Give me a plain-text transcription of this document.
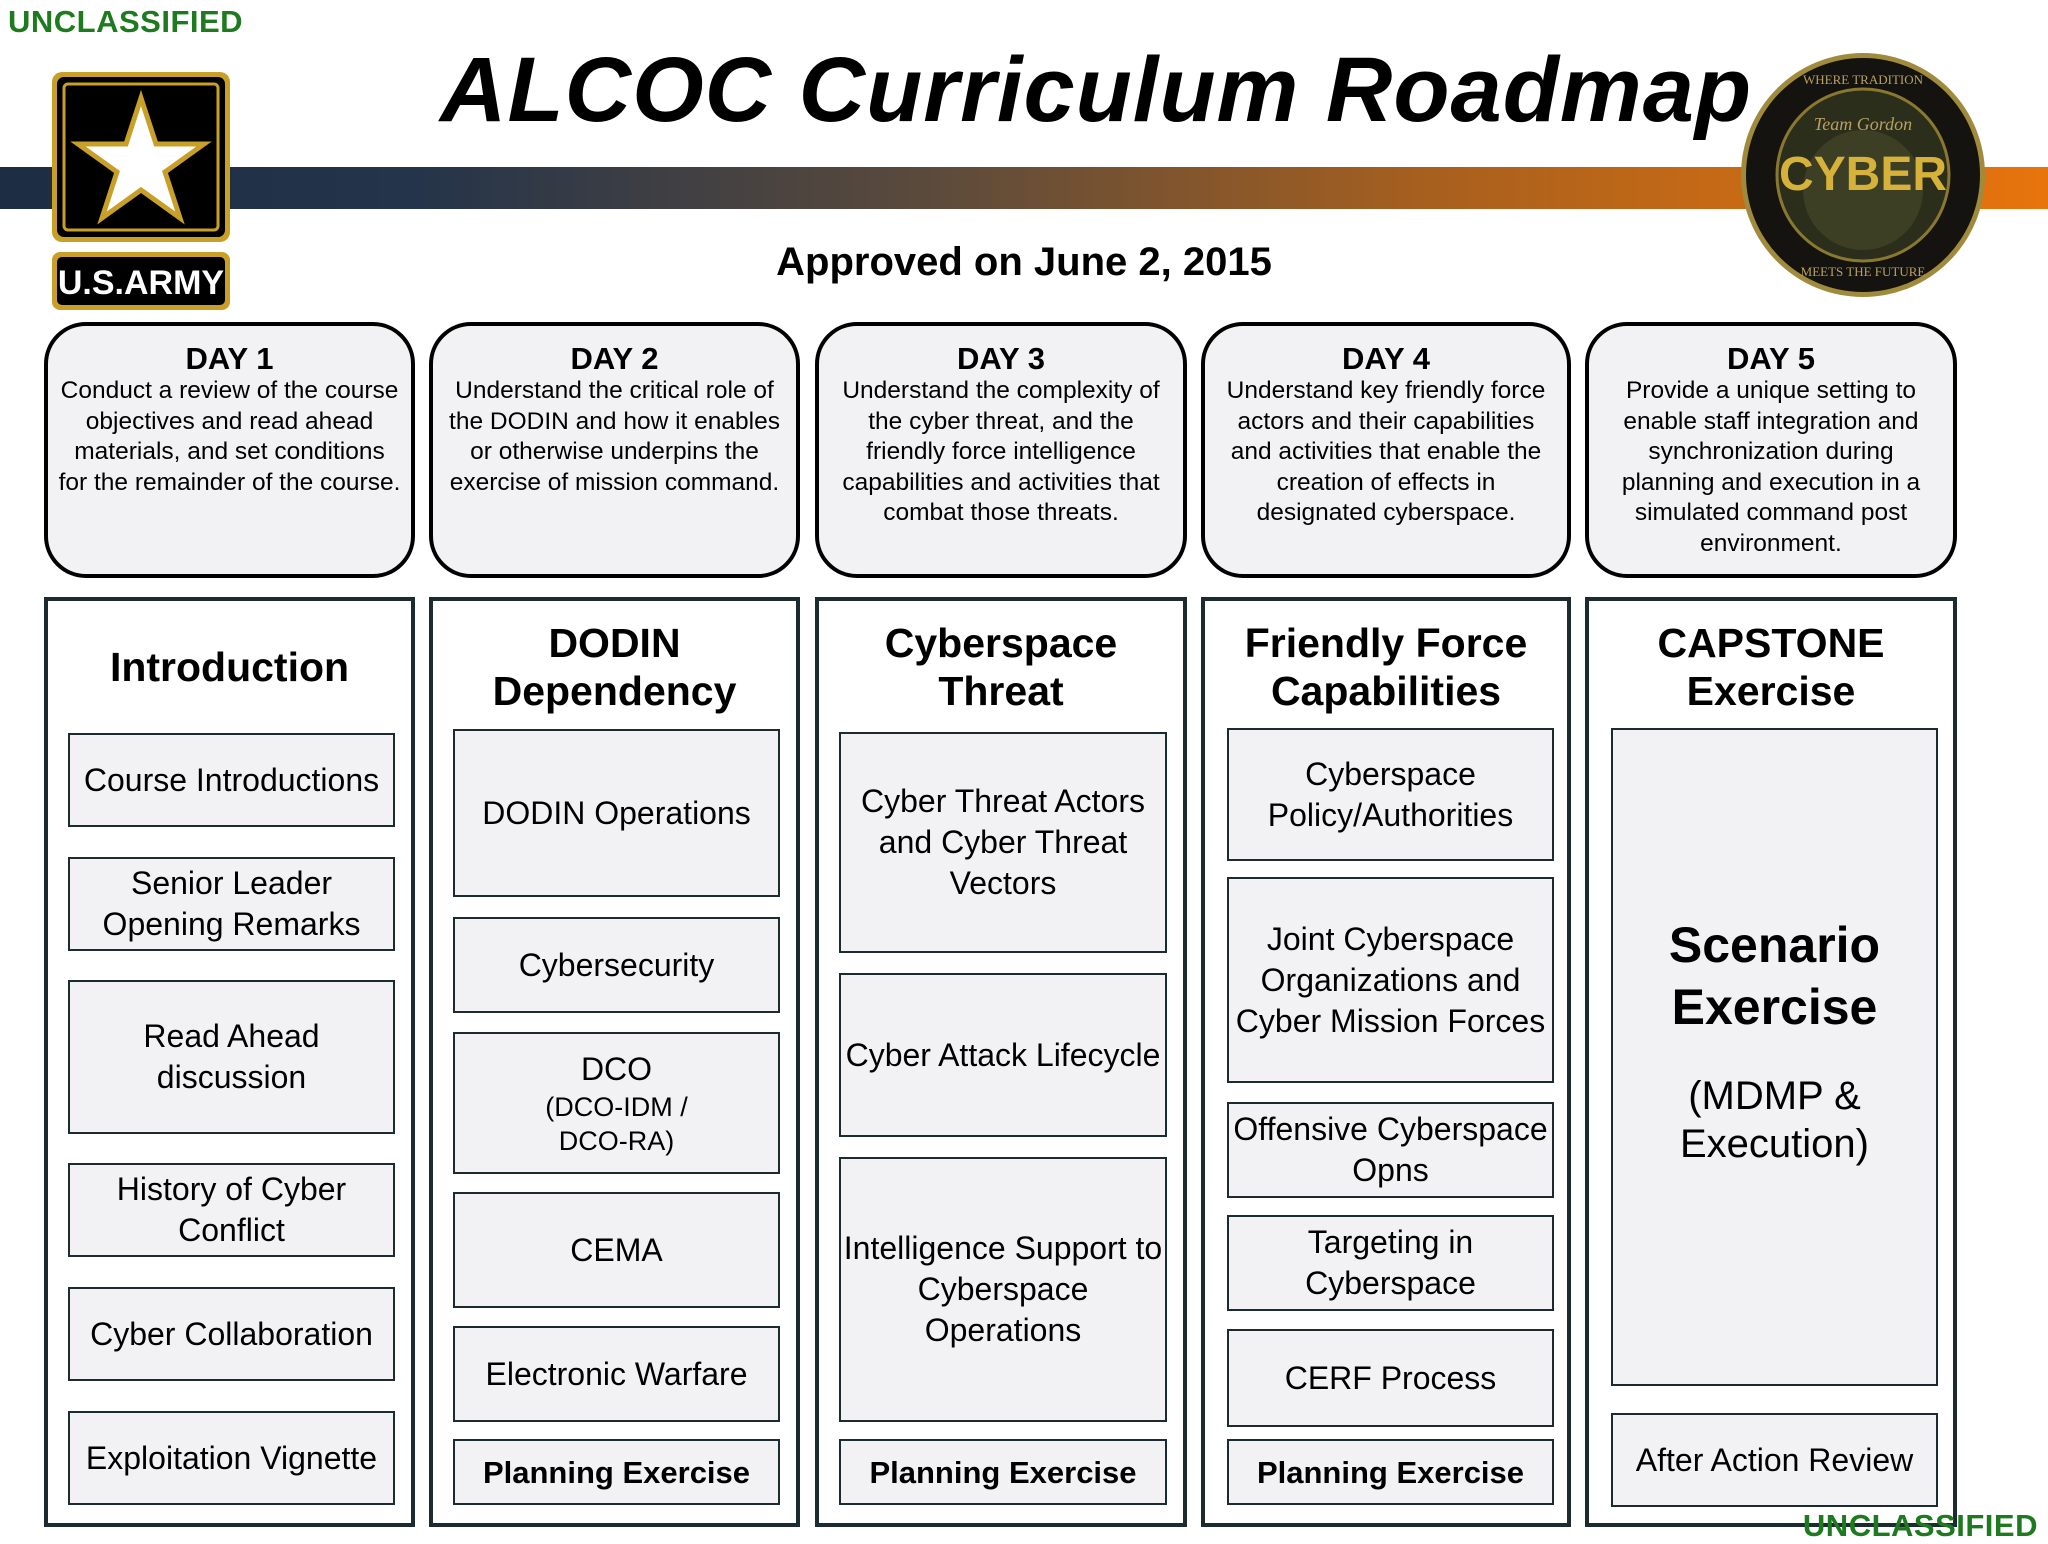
UNCLASSIFIED
ALCOC Curriculum Roadmap
U.S.ARMY
Team Gordon
CYBER
WHERE TRADITION
MEETS THE FUTURE
Approved on June 2, 2015
DAY 1
Conduct a review of the course objectives and read ahead materials, and set conditions for the remainder of the course.
DAY 2
Understand the critical role of the DODIN and how it enables or otherwise underpins the exercise of mission command.
DAY 3
Understand the complexity of the cyber threat, and the friendly force intelligence capabilities and activities that combat those threats.
DAY 4
Understand key friendly force actors and their capabilities and activities that enable the creation of effects in designated cyberspace.
DAY 5
Provide a unique setting to enable staff integration and synchronization during planning and execution in a simulated command post environment.
Introduction
Course Introductions
Senior Leader Opening Remarks
Read Ahead discussion
History of Cyber Conflict
Cyber Collaboration
Exploitation Vignette
DODIN Dependency
DODIN Operations
Cybersecurity
DCO
(DCO-IDM / DCO-RA)
CEMA
Electronic Warfare
Planning Exercise
Cyberspace Threat
Cyber Threat Actors and Cyber Threat Vectors
Cyber Attack Lifecycle
Intelligence Support to Cyberspace Operations
Planning Exercise
Friendly Force Capabilities
Cyberspace Policy/Authorities
Joint Cyberspace Organizations and Cyber Mission Forces
Offensive Cyberspace Opns
Targeting in Cyberspace
CERF Process
Planning Exercise
CAPSTONE Exercise
Scenario Exercise
(MDMP & Execution)
After Action Review
UNCLASSIFIED
